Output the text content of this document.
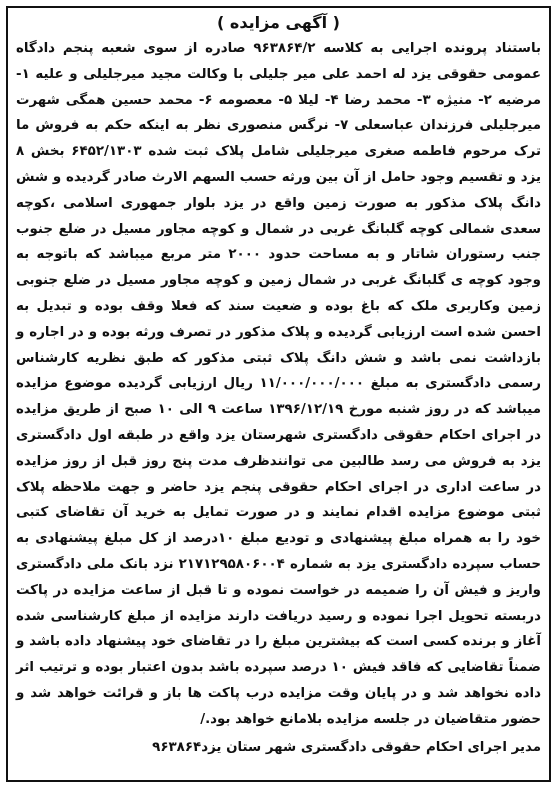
( آگهی مزایده )

باستناد پرونده اجرایی به کلاسه ۹۶۳۸۶۴/۲ صادره از سوی شعبه پنجم دادگاه عمومی حقوقی یزد له احمد علی میر جلیلی با وکالت مجید میرجلیلی و علیه ۱- مرضیه ۲- منیژه ۳- محمد رضا ۴- لیلا ۵- معصومه ۶- محمد حسین همگی شهرت میرجلیلی فرزندان عباسعلی ۷- نرگس منصوری نظر به اینکه حکم به فروش ما ترک مرحوم فاطمه صغری میرجلیلی شامل پلاک ثبت شده ۶۴۵۲/۱۳۰۳ بخش ۸ یزد و تقسیم وجود حامل از آن بین ورثه حسب السهم الارث صادر گردیده و شش دانگ پلاک مذکور به صورت زمین واقع در یزد بلوار جمهوری اسلامی ،کوچه سعدی شمالی کوچه گلبانگ غربی در شمال و کوچه مجاور مسیل در ضلع جنوب جنب رستوران شاتار و به مساحت حدود ۲۰۰۰ متر مربع میباشد که باتوجه به وجود کوچه ی گلبانگ غربی در شمال زمین و کوچه مجاور مسیل در ضلع جنوبی زمین وکاربری ملک که باغ بوده و ضعیت سند که فعلا وقف بوده و تبدیل به احسن شده است ارزیابی گردیده و پلاک مذکور در تصرف ورثه بوده و در اجاره و بازداشت نمی باشد و شش دانگ پلاک ثبتی مذکور که طبق نظریه کارشناس رسمی دادگستری به مبلغ ۱۱/۰۰۰/۰۰۰/۰۰۰ ریال ارزیابی گردیده موضوع مزایده میباشد که در روز شنبه مورخ ۱۳۹۶/۱۲/۱۹ ساعت ۹ الی ۱۰ صبح از طریق مزایده در اجرای احکام حقوقی دادگستری شهرستان یزد واقع در طبقه اول دادگستری یزد به فروش می رسد طالبین می توانندظرف مدت پنج روز قبل از روز مزایده در ساعت اداری در اجرای احکام حقوقی پنجم یزد حاضر و جهت ملاحظه پلاک ثبتی موضوع مزایده اقدام نمایند و در صورت تمایل به خرید آن تقاضای کتبی خود را به همراه مبلغ پیشنهادی و تودیع مبلغ ۱۰درصد از کل مبلغ پیشنهادی به حساب سپرده دادگستری یزد به شماره ۲۱۷۱۲۹۵۸۰۶۰۰۴ نزد بانک ملی دادگستری واریز و فیش آن را ضمیمه در خواست نموده و تا قبل از ساعت مزایده در پاکت دربسته تحویل اجرا نموده و رسید دریافت دارند مزایده از مبلغ کارشناسی شده آغاز و برنده کسی است که بیشترین مبلغ را در تقاضای خود پیشنهاد داده باشد و ضمناً تقاضایی که فاقد فیش ۱۰ درصد سپرده باشد بدون اعتبار بوده و ترتیب اثر داده نخواهد شد و در پایان وقت مزایده درب پاکت ها باز و قرائت خواهد شد و حضور متقاضیان در جلسه مزایده بلامانع خواهد بود./

مدیر اجرای احکام حقوقی دادگستری شهر ستان یزد۹۶۳۸۶۴
